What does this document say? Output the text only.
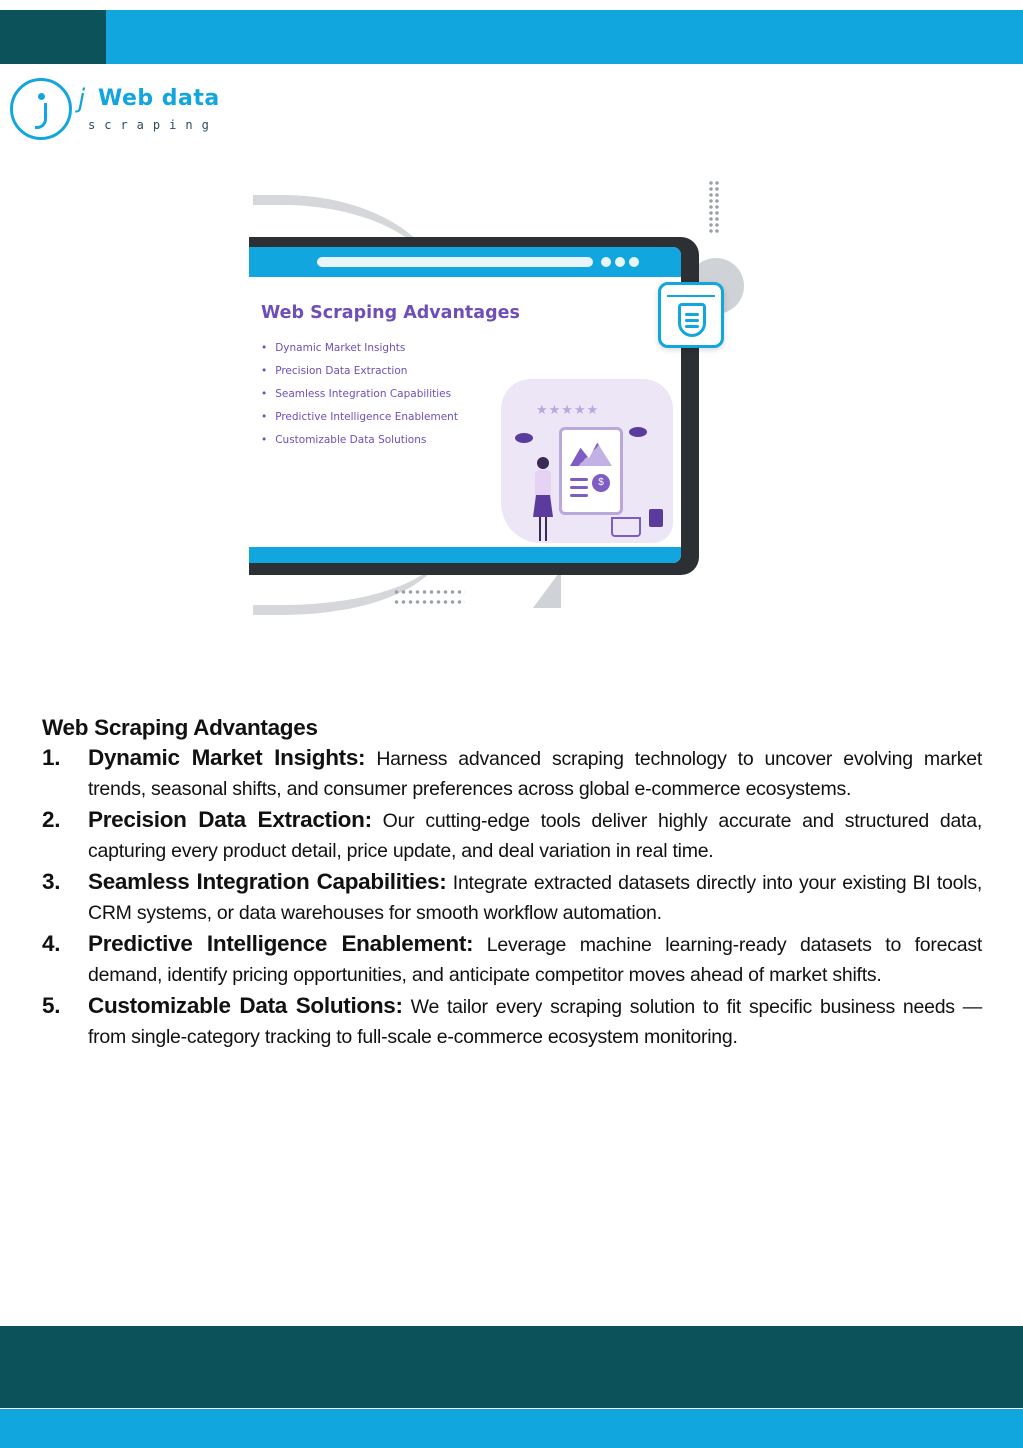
j Web data
scraping
Web Scraping Advantages
• Dynamic Market Insights
• Precision Data Extraction
• Seamless Integration Capabilities
• Predictive Intelligence Enablement
• Customizable Data Solutions
★★★★★
$
Web Scraping Advantages
1. Dynamic Market Insights: Harness advanced scraping technology to uncover evolving market trends, seasonal shifts, and consumer preferences across global e-commerce ecosystems.
2. Precision Data Extraction: Our cutting-edge tools deliver highly accurate and structured data, capturing every product detail, price update, and deal variation in real time.
3. Seamless Integration Capabilities: Integrate extracted datasets directly into your existing BI tools, CRM systems, or data warehouses for smooth workflow automation.
4. Predictive Intelligence Enablement: Leverage machine learning-ready datasets to forecast demand, identify pricing opportunities, and anticipate competitor moves ahead of market shifts.
5. Customizable Data Solutions: We tailor every scraping solution to fit specific business needs — from single-category tracking to full-scale e-commerce ecosystem monitoring.
